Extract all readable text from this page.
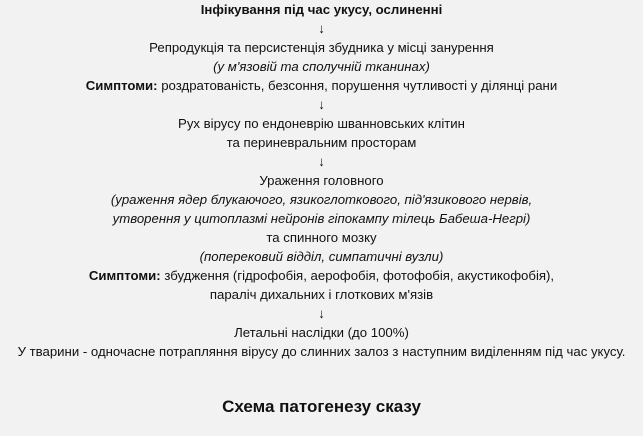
Інфікування під час укусу, ослиненні
↓
Репродукція та персистенція збудника у місці занурення
(у м'язовій та сполучній тканинах)
Симптоми: роздратованість, безсоння, порушення чутливості у ділянці рани
↓
Рух вірусу по ендоневрію шванновських клітин
та периневральним просторам
↓
Ураження головного
(ураження ядер блукаючого, язикоглоткового, під'язикового нервів,
утворення у цитоплазмі нейронів гіпокампу тілець Бабеша-Негрі)
та спинного мозку
(поперековий відділ, симпатичні вузли)
Симптоми: збудження (гідрофобія, аерофобія, фотофобія, акустикофобія),
параліч дихальних і глоткових м'язів
↓
Летальні наслідки (до 100%)
У тварини - одночасне потрапляння вірусу до слинних залоз з наступним виділенням під час укусу.
Схема патогенезу сказу
